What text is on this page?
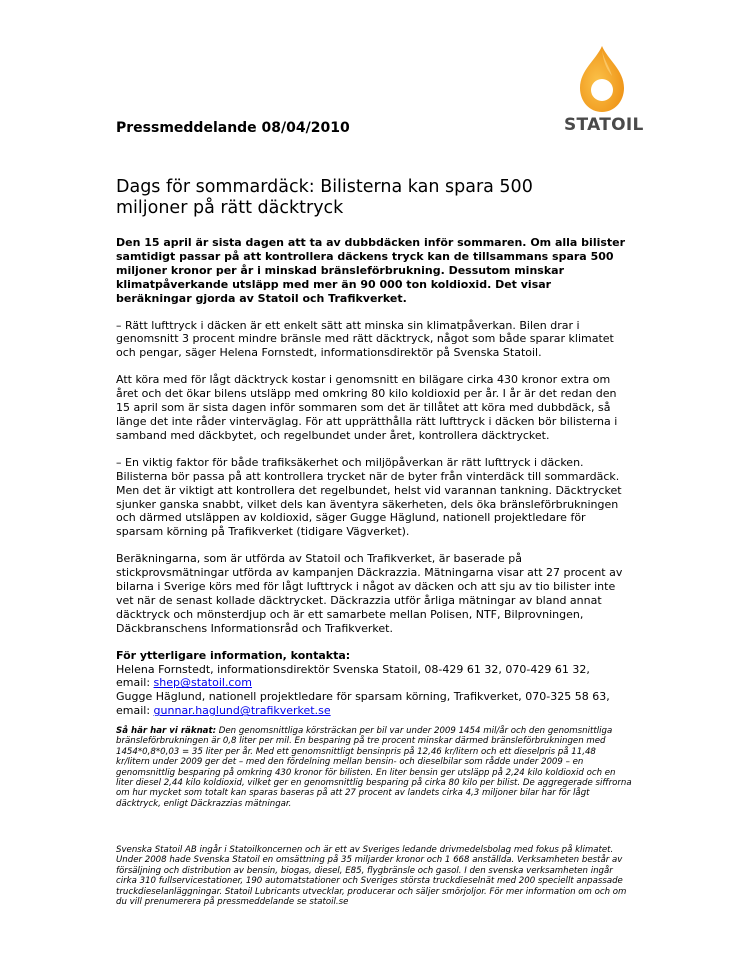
STATOIL
Pressmeddelande 08/04/2010
Dags för sommardäck: Bilisterna kan spara 500 miljoner på rätt däcktryck

Den 15 april är sista dagen att ta av dubbdäcken inför sommaren. Om alla bilister samtidigt passar på att kontrollera däckens tryck kan de tillsammans spara 500 miljoner kronor per år i minskad bränsleförbrukning. Dessutom minskar klimatpåverkande utsläpp med mer än 90 000 ton koldioxid. Det visar beräkningar gjorda av Statoil och Trafikverket.

– Rätt lufttryck i däcken är ett enkelt sätt att minska sin klimatpåverkan. Bilen drar i genomsnitt 3 procent mindre bränsle med rätt däcktryck, något som både sparar klimatet och pengar, säger Helena Fornstedt, informationsdirektör på Svenska Statoil.

Att köra med för lågt däcktryck kostar i genomsnitt en bilägare cirka 430 kronor extra om året och det ökar bilens utsläpp med omkring 80 kilo koldioxid per år. I år är det redan den 15 april som är sista dagen inför sommaren som det är tillåtet att köra med dubbdäck, så länge det inte råder vinterväglag. För att upprätthålla rätt lufttryck i däcken bör bilisterna i samband med däckbytet, och regelbundet under året, kontrollera däcktrycket.

– En viktig faktor för både trafiksäkerhet och miljöpåverkan är rätt lufttryck i däcken. Bilisterna bör passa på att kontrollera trycket när de byter från vinterdäck till sommardäck. Men det är viktigt att kontrollera det regelbundet, helst vid varannan tankning. Däcktrycket sjunker ganska snabbt, vilket dels kan äventyra säkerheten, dels öka bränsleförbrukningen och därmed utsläppen av koldioxid, säger Gugge Häglund, nationell projektledare för sparsam körning på Trafikverket (tidigare Vägverket).

Beräkningarna, som är utförda av Statoil och Trafikverket, är baserade på stickprovsmätningar utförda av kampanjen Däckrazzia. Mätningarna visar att 27 procent av bilarna i Sverige körs med för lågt lufttryck i något av däcken och att sju av tio bilister inte vet när de senast kollade däcktrycket. Däckrazzia utför årliga mätningar av bland annat däcktryck och mönsterdjup och är ett samarbete mellan Polisen, NTF, Bilprovningen, Däckbranschens Informationsråd och Trafikverket.

För ytterligare information, kontakta:
Helena Fornstedt, informationsdirektör Svenska Statoil, 08-429 61 32, 070-429 61 32,
email: shep@statoil.com
Gugge Häglund, nationell projektledare för sparsam körning, Trafikverket, 070-325 58 63,
email: gunnar.haglund@trafikverket.se

Så här har vi räknat: Den genomsnittliga körsträckan per bil var under 2009 1454 mil/år och den genomsnittliga bränsleförbrukningen är 0,8 liter per mil. En besparing på tre procent minskar därmed bränsleförbrukningen med 1454*0,8*0,03 = 35 liter per år. Med ett genomsnittligt bensinpris på 12,46 kr/litern och ett dieselpris på 11,48 kr/litern under 2009 ger det – med den fördelning mellan bensin- och dieselbilar som rådde under 2009 – en genomsnittlig besparing på omkring 430 kronor för bilisten. En liter bensin ger utsläpp på 2,24 kilo koldioxid och en liter diesel 2,44 kilo koldioxid, vilket ger en genomsnittlig besparing på cirka 80 kilo per bilist. De aggregerade siffrorna om hur mycket som totalt kan sparas baseras på att 27 procent av landets cirka 4,3 miljoner bilar har för lågt däcktryck, enligt Däckrazzias mätningar.

Svenska Statoil AB ingår i Statoilkoncernen och är ett av Sveriges ledande drivmedelsbolag med fokus på klimatet. Under 2008 hade Svenska Statoil en omsättning på 35 miljarder kronor och 1 668 anställda. Verksamheten består av försäljning och distribution av bensin, biogas, diesel, E85, flygbränsle och gasol. I den svenska verksamheten ingår cirka 310 fullservicestationer, 190 automatstationer och Sveriges största truckdieselnät med 200 speciellt anpassade truckdieselanläggningar. Statoil Lubricants utvecklar, producerar och säljer smörjoljor. För mer information om och om du vill prenumerera på pressmeddelande se statoil.se
